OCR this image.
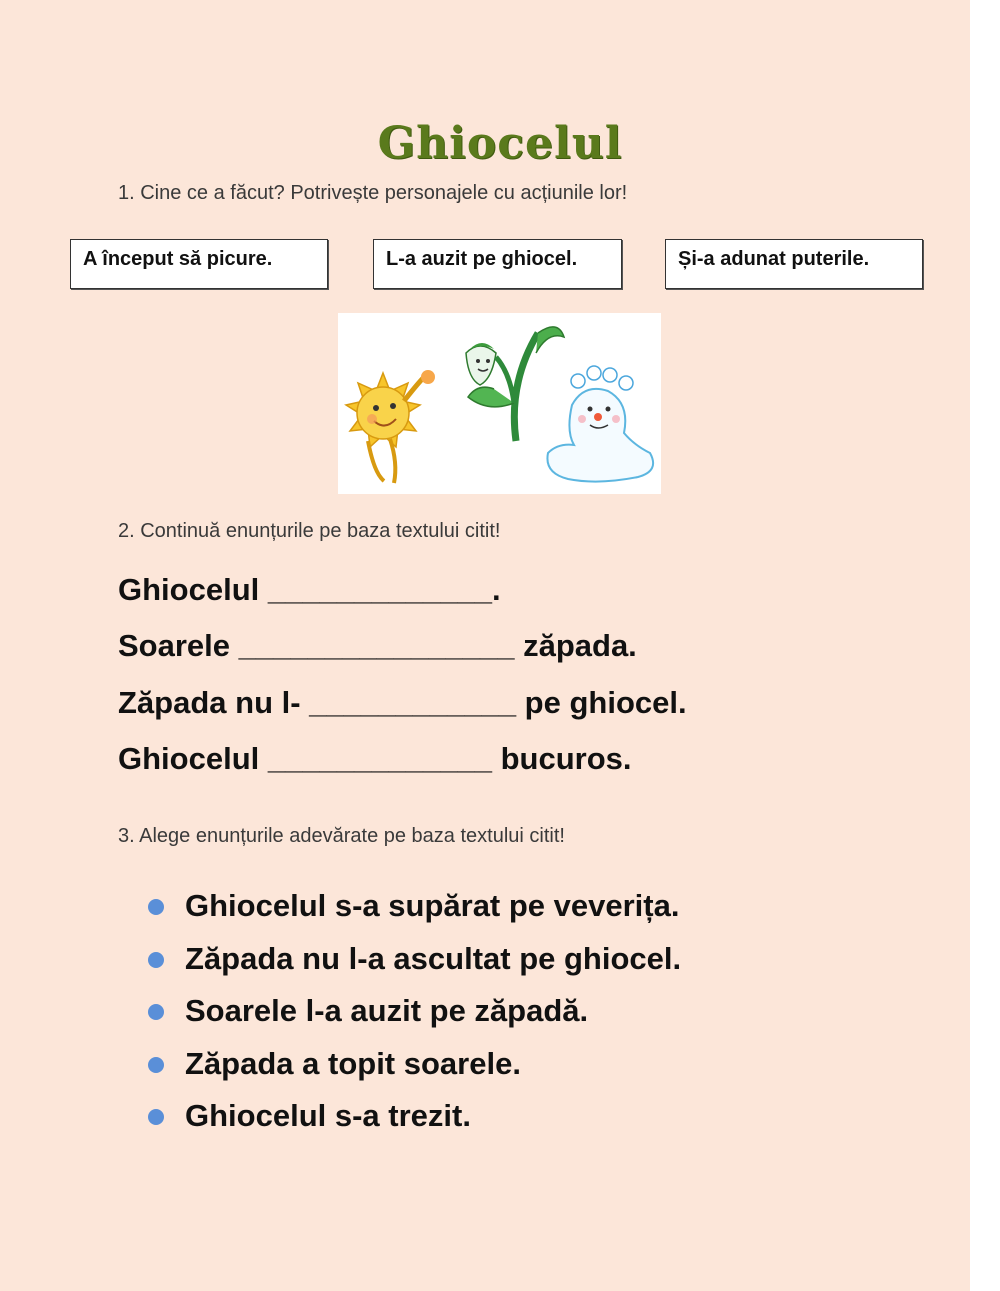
Ghiocelul
1. Cine ce a făcut? Potrivește personajele cu acțiunile lor!
A început să picure.	L-a auzit pe ghiocel.	Și-a adunat puterile.
2. Continuă enunțurile pe baza textului citit!
Ghiocelul _____________.
Soarele ________________ zăpada.
Zăpada nu l- ____________ pe ghiocel.
Ghiocelul _____________ bucuros.
3. Alege enunțurile adevărate pe baza textului citit!
Ghiocelul s-a supărat pe veverița.
Zăpada nu l-a ascultat pe ghiocel.
Soarele l-a auzit pe zăpadă.
Zăpada a topit soarele.
Ghiocelul s-a trezit.
